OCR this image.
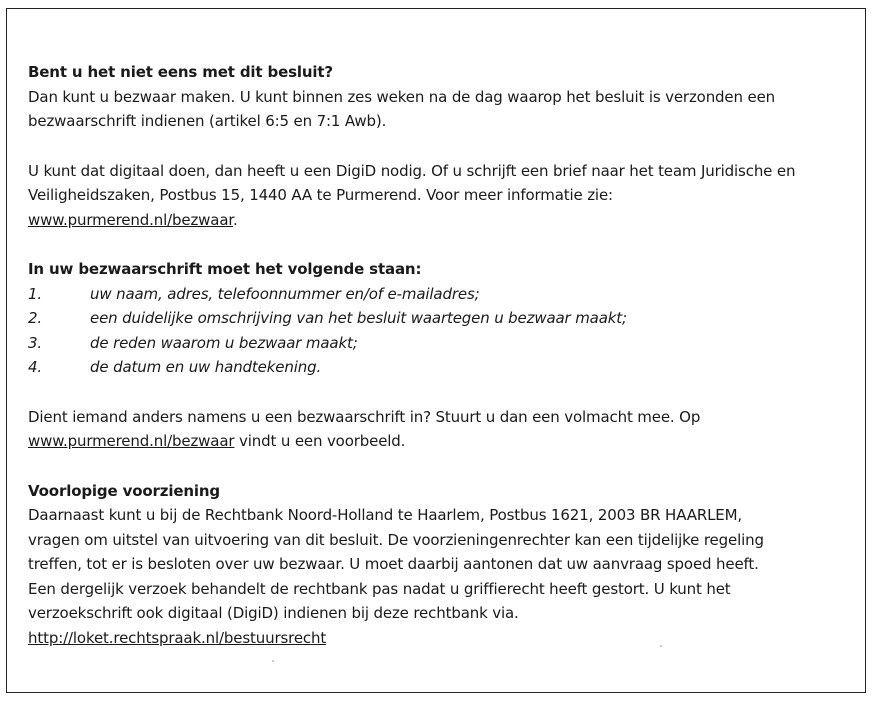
Bent u het niet eens met dit besluit?
Dan kunt u bezwaar maken. U kunt binnen zes weken na de dag waarop het besluit is verzonden een
bezwaarschrift indienen (artikel 6:5 en 7:1 Awb).
U kunt dat digitaal doen, dan heeft u een DigiD nodig. Of u schrijft een brief naar het team Juridische en
Veiligheidszaken, Postbus 15, 1440 AA te Purmerend. Voor meer informatie zie:
www.purmerend.nl/bezwaar.
In uw bezwaarschrift moet het volgende staan:
1.	uw naam, adres, telefoonnummer en/of e-mailadres;
2.	een duidelijke omschrijving van het besluit waartegen u bezwaar maakt;
3.	de reden waarom u bezwaar maakt;
4.	de datum en uw handtekening.
Dient iemand anders namens u een bezwaarschrift in? Stuurt u dan een volmacht mee. Op
www.purmerend.nl/bezwaar vindt u een voorbeeld.
Voorlopige voorziening
Daarnaast kunt u bij de Rechtbank Noord-Holland te Haarlem, Postbus 1621, 2003 BR HAARLEM,
vragen om uitstel van uitvoering van dit besluit. De voorzieningenrechter kan een tijdelijke regeling
treffen, tot er is besloten over uw bezwaar. U moet daarbij aantonen dat uw aanvraag spoed heeft.
Een dergelijk verzoek behandelt de rechtbank pas nadat u griffierecht heeft gestort. U kunt het
verzoekschrift ook digitaal (DigiD) indienen bij deze rechtbank via.
http://loket.rechtspraak.nl/bestuursrecht
